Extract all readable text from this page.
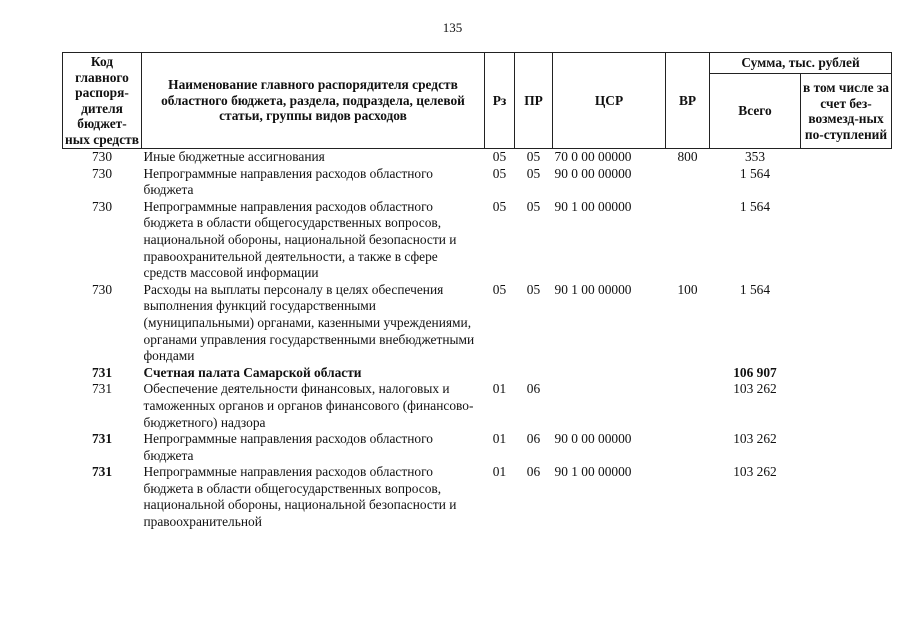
135
Код главного распоря-дителя бюджет-ных средств	Наименование главного распорядителя средств областного бюджета, раздела, подраздела, целевой статьи, группы видов расходов	Рз	ПР	ЦСР	ВР	Сумма, тыс. рублей	
						Всего	в том числе за счет без-возмезд-ных по-ступлений
730	Иные бюджетные ассигнования	05	05	70 0 00 00000	800	353	
730	Непрограммные направления расходов областного бюджета	05	05	90 0 00 00000		1 564	
730	Непрограммные направления расходов областного бюджета в области общегосударственных вопросов, национальной обороны, национальной безопасности и правоохранительной деятельности, а также в сфере средств массовой информации	05	05	90 1 00 00000		1 564	
730	Расходы на выплаты персоналу в целях обеспечения выполнения функций государственными (муниципальными) органами, казенными учреждениями, органами управления государственными внебюджетными фондами	05	05	90 1 00 00000	100	1 564	
731	Счетная палата Самарской области					106 907	
731	Обеспечение деятельности финансовых, налоговых и таможенных органов и органов финансового (финансово-бюджетного) надзора	01	06			103 262	
731	Непрограммные направления расходов областного бюджета	01	06	90 0 00 00000		103 262	
731	Непрограммные направления расходов областного бюджета в области общегосударственных вопросов, национальной обороны, национальной безопасности и правоохранительной	01	06	90 1 00 00000		103 262	
